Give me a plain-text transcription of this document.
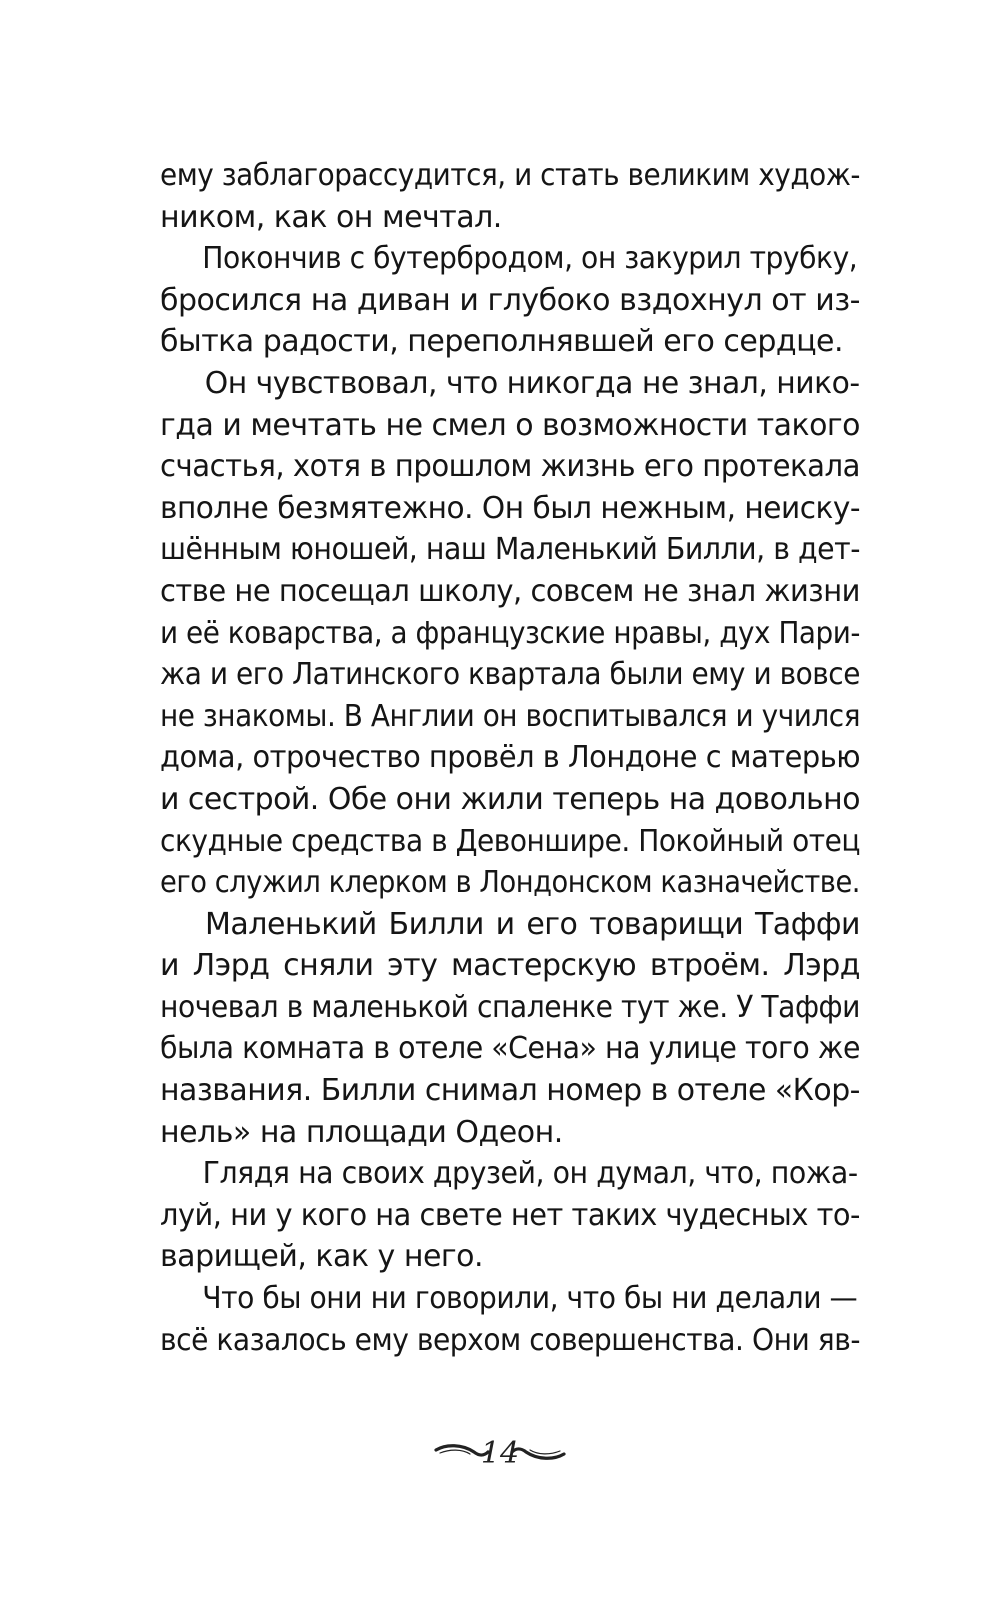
ему заблагорассудится, и стать великим худож-
ником, как он мечтал.
Покончив с бутербродом, он закурил трубку,
бросился на диван и глубоко вздохнул от из-
бытка радости, переполнявшей его сердце.
Он чувствовал, что никогда не знал, нико-
гда и мечтать не смел о возможности такого
счастья, хотя в прошлом жизнь его протекала
вполне безмятежно. Он был нежным, неиску-
шённым юношей, наш Маленький Билли, в дет-
стве не посещал школу, совсем не знал жизни
и её коварства, а французские нравы, дух Пари-
жа и его Латинского квартала были ему и вовсе
не знакомы. В Англии он воспитывался и учился
дома, отрочество провёл в Лондоне с матерью
и сестрой. Обе они жили теперь на довольно
скудные средства в Девоншире. Покойный отец
его служил клерком в Лондонском казначействе.
Маленький Билли и его товарищи Таффи
и Лэрд сняли эту мастерскую втроём. Лэрд
ночевал в маленькой спаленке тут же. У Таффи
была комната в отеле «Сена» на улице того же
названия. Билли снимал номер в отеле «Кор-
нель» на площади Одеон.
Глядя на своих друзей, он думал, что, пожа-
луй, ни у кого на свете нет таких чудесных то-
варищей, как у него.
Что бы они ни говорили, что бы ни делали —
всё казалось ему верхом совершенства. Они яв-
14
